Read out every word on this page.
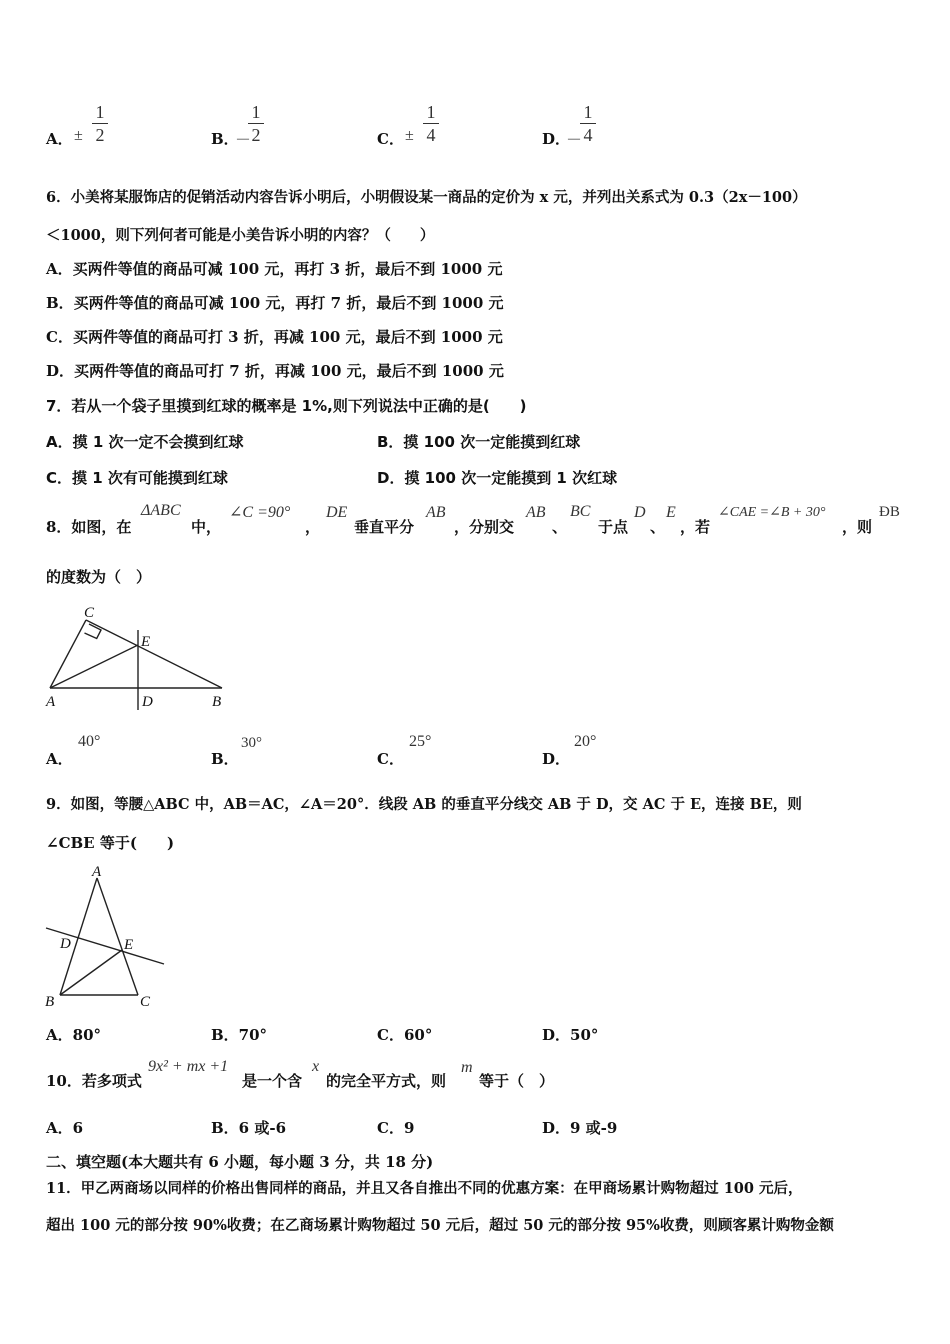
A． ±
1
2	B．
－
1
2	C． ±
1
4	D．
－
1
4
6．小美将某服饰店的促销活动内容告诉小明后，小明假设某一商品的定价为 x 元，并列出关系式为 0.3（2x－100）
＜1000，则下列何者可能是小美告诉小明的内容？（　　）
A．买两件等值的商品可减 100 元，再打 3 折，最后不到 1000 元
B．买两件等值的商品可减 100 元，再打 7 折，最后不到 1000 元
C．买两件等值的商品可打 3 折，再减 100 元，最后不到 1000 元
D．买两件等值的商品可打 7 折，再减 100 元，最后不到 1000 元
7．若从一个袋子里摸到红球的概率是 1%,则下列说法中正确的是(　　)
A．摸 1 次一定不会摸到红球	B．摸 100 次一定能摸到红球
C．摸 1 次有可能摸到红球	D．摸 100 次一定能摸到 1 次红球
8．如图，在
ΔABC
中，
∠C =90°
，
DE
垂直平分
AB
，分别交
AB
、
BC
于点
D
、
E
，若
∠CAE =∠B + 30°
，则
ÐB
的度数为（　）
C
E
A	D	B
A．
40°
B．
30°
C．
25°
D．
20°
9．如图，等腰△ABC 中，AB＝AC，∠A＝20°．线段 AB 的垂直平分线交 AB 于 D，交 AC 于 E，连接 BE，则
∠CBE 等于(　　)
A
D	E
B	C
A．80°	B．70°	C．60°	D．50°
10．若多项式
9x² + mx +1
是一个含
x
的完全平方式，则
m
等于（　）
A．6	B．6 或-6	C．9	D．9 或-9
二、填空题(本大题共有 6 小题，每小题 3 分，共 18 分)
11．甲乙两商场以同样的价格出售同样的商品，并且又各自推出不同的优惠方案：在甲商场累计购物超过 100 元后，
超出 100 元的部分按 90%收费；在乙商场累计购物超过 50 元后，超过 50 元的部分按 95%收费，则顾客累计购物金额
